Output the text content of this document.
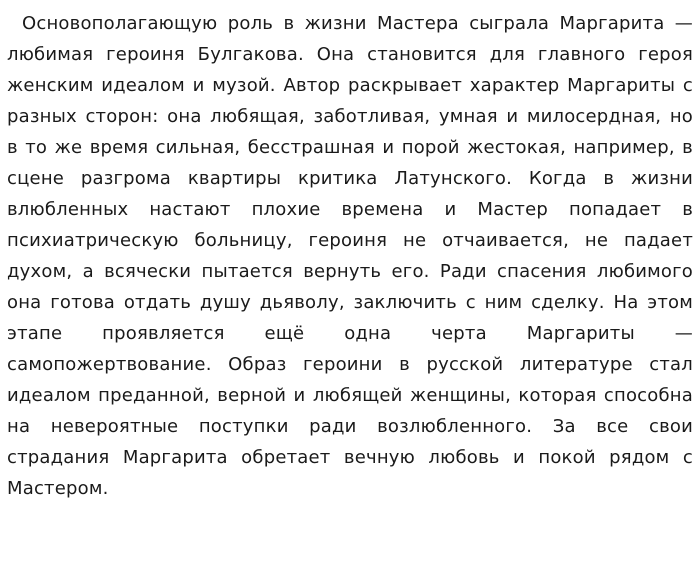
Основополагающую роль в жизни Мастера сыграла Маргарита — любимая героиня Булгакова. Она становится для главного героя женским идеалом и музой. Автор раскрывает характер Маргариты с разных сторон: она любящая, заботливая, умная и милосердная, но в то же время сильная, бесстрашная и порой жестокая, например, в сцене разгрома квартиры критика Латунского. Когда в жизни влюбленных настают плохие времена и Мастер попадает в психиатрическую больницу, героиня не отчаивается, не падает духом, а всячески пытается вернуть его. Ради спасения любимого она готова отдать душу дьяволу, заключить с ним сделку. На этом этапе проявляется ещё одна черта Маргариты — самопожертвование. Образ героини в русской литературе стал идеалом преданной, верной и любящей женщины, которая способна на невероятные поступки ради возлюбленного. За все свои страдания Маргарита обретает вечную любовь и покой рядом с Мастером.
